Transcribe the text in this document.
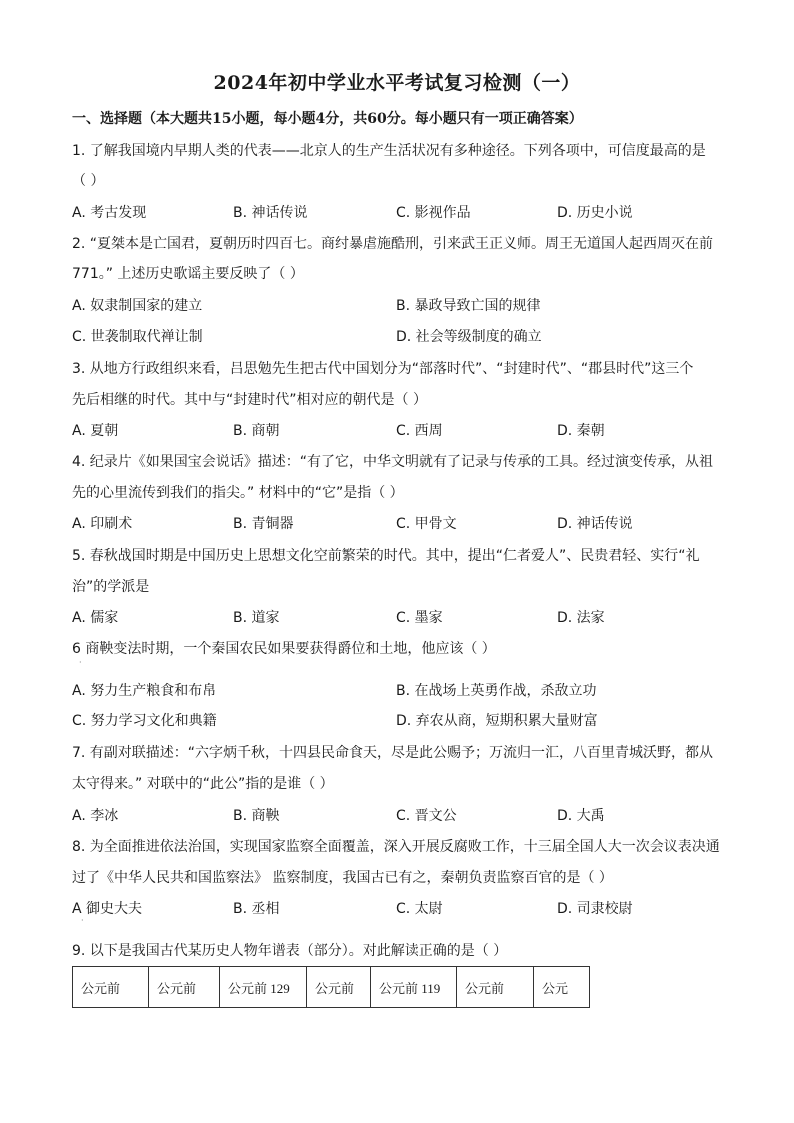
2024年初中学业水平考试复习检测（一）
一、选择题（本大题共15小题，每小题4分，共60分。每小题只有一项正确答案）
1. 了解我国境内早期人类的代表——北京人的生产生活状况有多种途径。下列各项中，可信度最高的是
（ ）
A. 考古发现	B. 神话传说	C. 影视作品	D. 历史小说
2. “夏桀本是亡国君，夏朝历时四百七。商纣暴虐施酷刑，引来武王正义师。周王无道国人起西周灭在前
771。” 上述历史歌谣主要反映了（ ）
A. 奴隶制国家的建立	B. 暴政导致亡国的规律
C. 世袭制取代禅让制	D. 社会等级制度的确立
3. 从地方行政组织来看，吕思勉先生把古代中国划分为“部落时代”、“封建时代”、“郡县时代”这三个
先后相继的时代。其中与“封建时代”相对应的朝代是（ ）
A. 夏朝	B. 商朝	C. 西周	D. 秦朝
4. 纪录片《如果国宝会说话》描述：“有了它，中华文明就有了记录与传承的工具。经过演变传承，从祖
先的心里流传到我们的指尖。” 材料中的“它”是指（ ）
A. 印刷术	B. 青铜器	C. 甲骨文	D. 神话传说
5. 春秋战国时期是中国历史上思想文化空前繁荣的时代。其中，提出“仁者爱人”、民贵君轻、实行“礼
治”的学派是
A. 儒家	B. 道家	C. 墨家	D. 法家
6 商鞅变法时期，一个秦国农民如果要获得爵位和土地，他应该（ ）
·
A. 努力生产粮食和布帛	B. 在战场上英勇作战，杀敌立功
C. 努力学习文化和典籍	D. 弃农从商，短期积累大量财富
7. 有副对联描述：“六字炳千秋，十四县民命食天，尽是此公赐予；万流归一汇，八百里青城沃野，都从
太守得来。” 对联中的“此公”指的是谁（ ）
A. 李冰	B. 商鞅	C. 晋文公	D. 大禹
8. 为全面推进依法治国，实现国家监察全面覆盖，深入开展反腐败工作，十三届全国人大一次会议表决通
过了《中华人民共和国监察法》 监察制度，我国古已有之，秦朝负责监察百官的是（ ）
A 御史大夫	B. 丞相	C. 太尉	D. 司隶校尉
·
9. 以下是我国古代某历史人物年谱表（部分）。对此解读正确的是（ ）
公元前	公元前	公元前 129	公元前	公元前 119	公元前	公元
